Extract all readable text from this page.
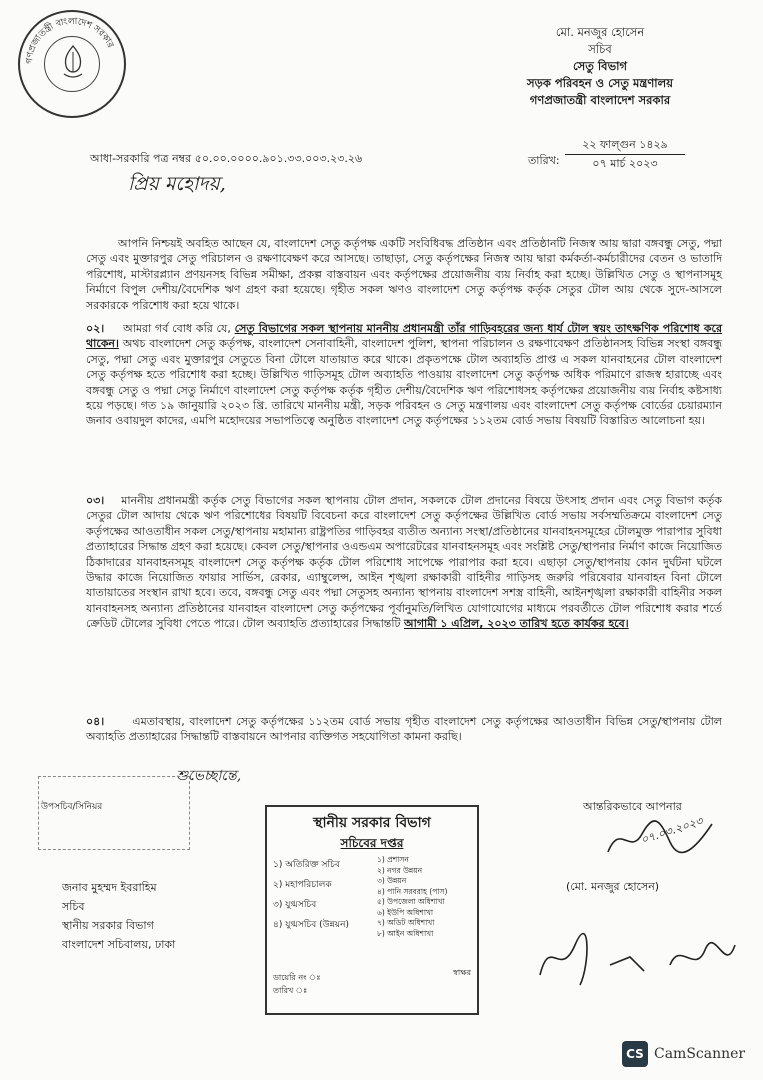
গণপ্রজাতন্ত্রী বাংলাদেশ সরকার
মো. মনজুর হোসেন
সচিব
সেতু বিভাগ
সড়ক পরিবহন ও সেতু মন্ত্রণালয়
গণপ্রজাতন্ত্রী বাংলাদেশ সরকার
আধা-সরকারি পত্র নম্বর ৫০.০০.০০০০.৯০১.৩৩.০০৩.২৩.২৬	তারিখ:
২২ ফাল্গুন ১৪২৯
০৭ মার্চ ২০২৩
প্রিয় মহোদয়,
আপনি নিশ্চয়ই অবহিত আছেন যে, বাংলাদেশ সেতু কর্তৃপক্ষ একটি সংবিধিবদ্ধ প্রতিষ্ঠান এবং প্রতিষ্ঠানটি নিজস্ব আয় দ্বারা বঙ্গবন্ধু সেতু, পদ্মা সেতু এবং মুক্তারপুর সেতু পরিচালন ও রক্ষণাবেক্ষণ করে আসছে। তাছাড়া, সেতু কর্তৃপক্ষের নিজস্ব আয় দ্বারা কর্মকর্তা-কর্মচারীদের বেতন ও ভাতাদি পরিশোধ, মাস্টারপ্ল্যান প্রণয়নসহ বিভিন্ন সমীক্ষা, প্রকল্প বাস্তবায়ন এবং কর্তৃপক্ষের প্রয়োজনীয় ব্যয় নির্বাহ করা হচ্ছে। উল্লিখিত সেতু ও স্থাপনাসমূহ নির্মাণে বিপুল দেশীয়/বৈদেশিক ঋণ গ্রহণ করা হয়েছে। গৃহীত সকল ঋণও বাংলাদেশ সেতু কর্তৃপক্ষ কর্তৃক সেতুর টোল আয় থেকে সুদে-আসলে সরকারকে পরিশোধ করা হয়ে থাকে।
০২। আমরা গর্ব বোধ করি যে, সেতু বিভাগের সকল স্থাপনায় মাননীয় প্রধানমন্ত্রী তাঁর গাড়িবহরের জন্য ধার্য টোল স্বয়ং তাৎক্ষণিক পরিশোধ করে থাকেন। অথচ বাংলাদেশ সেতু কর্তৃপক্ষ, বাংলাদেশ সেনাবাহিনী, বাংলাদেশ পুলিশ, স্থাপনা পরিচালন ও রক্ষণাবেক্ষণ প্রতিষ্ঠানসহ বিভিন্ন সংস্থা বঙ্গবন্ধু সেতু, পদ্মা সেতু এবং মুক্তারপুর সেতুতে বিনা টোলে যাতায়াত করে থাকে। প্রকৃতপক্ষে টোল অব্যাহতি প্রাপ্ত এ সকল যানবাহনের টোল বাংলাদেশ সেতু কর্তৃপক্ষ হতে পরিশোধ করা হচ্ছে। উল্লিখিত গাড়িসমূহ টোল অব্যাহতি পাওয়ায় বাংলাদেশ সেতু কর্তৃপক্ষ অধিক পরিমাণে রাজস্ব হারাচ্ছে এবং বঙ্গবন্ধু সেতু ও পদ্মা সেতু নির্মাণে বাংলাদেশ সেতু কর্তৃপক্ষ কর্তৃক গৃহীত দেশীয়/বৈদেশিক ঋণ পরিশোধসহ কর্তৃপক্ষের প্রয়োজনীয় ব্যয় নির্বাহ কষ্টসাধ্য হয়ে পড়ছে। গত ১৯ জানুয়ারি ২০২৩ খ্রি. তারিখে মাননীয় মন্ত্রী, সড়ক পরিবহন ও সেতু মন্ত্রণালয় এবং বাংলাদেশ সেতু কর্তৃপক্ষ বোর্ডের চেয়ারম্যান জনাব ওবায়দুল কাদের, এমপি মহোদয়ের সভাপতিত্বে অনুষ্ঠিত বাংলাদেশ সেতু কর্তৃপক্ষের ১১২তম বোর্ড সভায় বিষয়টি বিস্তারিত আলোচনা হয়।
০৩। মাননীয় প্রধানমন্ত্রী কর্তৃক সেতু বিভাগের সকল স্থাপনায় টোল প্রদান, সকলকে টোল প্রদানের বিষয়ে উৎসাহ প্রদান এবং সেতু বিভাগ কর্তৃক সেতুর টোল আদায় থেকে ঋণ পরিশোধের বিষয়টি বিবেচনা করে বাংলাদেশ সেতু কর্তৃপক্ষের উল্লিখিত বোর্ড সভায় সর্বসম্মতিক্রমে বাংলাদেশ সেতু কর্তৃপক্ষের আওতাধীন সকল সেতু/স্থাপনায় মহামান্য রাষ্ট্রপতির গাড়িবহর ব্যতীত অন্যান্য সংস্থা/প্রতিষ্ঠানের যানবাহনসমূহের টোলমুক্ত পারাপার সুবিধা প্রত্যাহারের সিদ্ধান্ত গ্রহণ করা হয়েছে। কেবল সেতু/স্থাপনার ওএন্ডএম অপারেটরের যানবাহনসমূহ এবং সংশ্লিষ্ট সেতু/স্থাপনার নির্মাণ কাজে নিয়োজিত ঠিকাদারের যানবাহনসমূহ বাংলাদেশ সেতু কর্তৃপক্ষ কর্তৃক টোল পরিশোধ সাপেক্ষে পারাপার করা হবে। এছাড়া সেতু/স্থাপনায় কোন দুর্ঘটনা ঘটলে উদ্ধার কাজে নিয়োজিত ফায়ার সার্ভিস, রেকার, এ্যাম্বুলেন্স, আইন শৃঙ্খলা রক্ষাকারী বাহিনীর গাড়িসহ জরুরি পরিষেবার যানবাহন বিনা টোলে যাতায়াতের সংস্থান রাখা হবে। তবে, বঙ্গবন্ধু সেতু এবং পদ্মা সেতুসহ অন্যান্য স্থাপনায় বাংলাদেশ সশস্ত্র বাহিনী, আইনশৃঙ্খলা রক্ষাকারী বাহিনীর সকল যানবাহনসহ অন্যান্য প্রতিষ্ঠানের যানবাহন বাংলাদেশ সেতু কর্তৃপক্ষের পূর্বানুমতি/লিখিত যোগাযোগের মাধ্যমে পরবর্তীতে টোল পরিশোধ করার শর্তে ক্রেডিট টোলের সুবিধা পেতে পারে। টোল অব্যাহতি প্রত্যাহারের সিদ্ধান্তটি আগামী ১ এপ্রিল, ২০২৩ তারিখ হতে কার্যকর হবে।
০৪।	এমতাবস্থায়, বাংলাদেশ সেতু কর্তৃপক্ষের ১১২তম বোর্ড সভায় গৃহীত বাংলাদেশ সেতু কর্তৃপক্ষের আওতাধীন বিভিন্ন সেতু/স্থাপনায় টোল অব্যাহতি প্রত্যাহারের সিদ্ধান্তটি বাস্তবায়নে আপনার ব্যক্তিগত সহযোগিতা কামনা করছি।
শুভেচ্ছান্তে,
উপসচিব/সিনিয়র	আন্তরিকভাবে আপনার
০৭.০৩.২০২৩
(মো. মনজুর হোসেন)
জনাব মুহম্মদ ইবরাহিম
সচিব
স্থানীয় সরকার বিভাগ
বাংলাদেশ সচিবালয়, ঢাকা
স্থানীয় সরকার বিভাগ
সচিবের দপ্তর
১) অতিরিক্ত সচিব
২) মহাপরিচালক
৩) যুগ্মসচিব
৪) যুগ্মসচিব (উন্নয়ন)
১) প্রশাসন
২) নগর উন্নয়ন
৩) উন্নয়ন
৪) পানি সরবরাহ (পাস)
৫) উপজেলা অধিশাখা
৬) ইউপি অধিশাখা
৭) অডিট অধিশাখা
৮) আইন অধিশাখা
ডায়েরি নং ঃ
তারিখ ঃ
স্বাক্ষর
CS CamScanner
